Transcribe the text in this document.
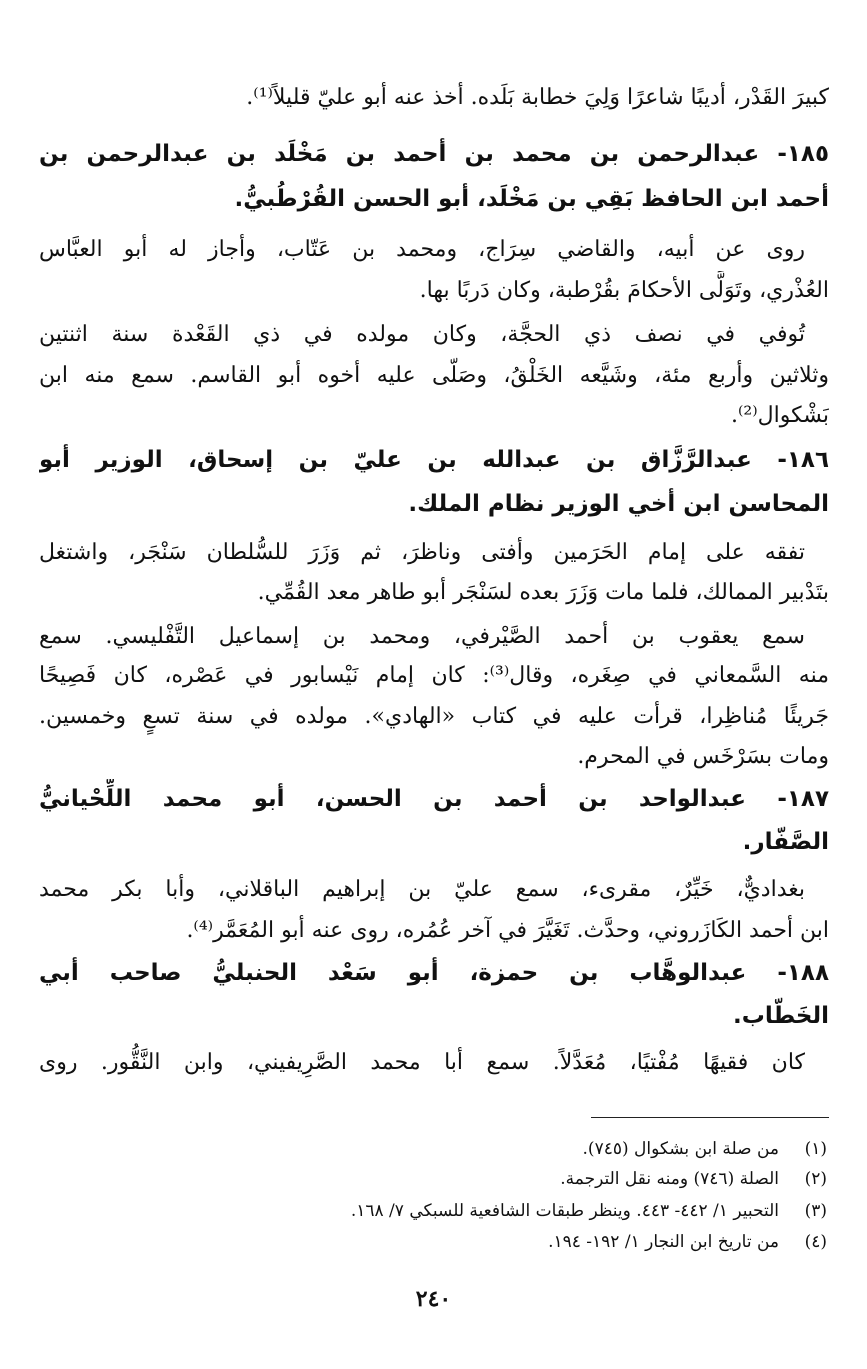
كبيرَ القَدْر، أديبًا شاعرًا وَلِيَ خطابة بَلَده. أخذ عنه أبو عليّ قليلاً⁽¹⁾.
١٨٥- عبدالرحمن بن محمد بن أحمد بن مَخْلَد بن عبدالرحمن بن
أحمد ابن الحافظ بَقِي بن مَخْلَد، أبو الحسن القُرْطُبيُّ.
روى عن أبيه، والقاضي سِرَاج، ومحمد بن عَتّاب، وأجاز له أبو العبَّاس
العُذْري، وتَوَلَّى الأحكامَ بقُرْطبة، وكان دَربًا بها.
تُوفي في نصف ذي الحجَّة، وكان مولده في ذي القَعْدة سنة اثنتين
وثلاثين وأربع مئة، وشَيَّعه الخَلْقُ، وصَلّى عليه أخوه أبو القاسم. سمع منه ابن
بَشْكوال⁽²⁾.
١٨٦- عبدالرَّزَّاق بن عبدالله بن عليّ بن إسحاق، الوزير أبو
المحاسن ابن أخي الوزير نظام الملك.
تفقه على إمام الحَرَمين وأفتى وناظرَ، ثم وَزَرَ للسُّلطان سَنْجَر، واشتغل
بتَدْبير الممالك، فلما مات وَزَرَ بعده لسَنْجَر أبو طاهر معد القُمِّي.
سمع يعقوب بن أحمد الصَّيْرفي، ومحمد بن إسماعيل التَّفْليسي. سمع
منه السَّمعاني في صِغَره، وقال⁽³⁾: كان إمام نَيْسابور في عَصْره، كان فَصِيحًا
جَريئًا مُناظِرا، قرأت عليه في كتاب «الهادي». مولده في سنة تسعٍ وخمسين.
ومات بسَرْخَس في المحرم.
١٨٧- عبدالواحد بن أحمد بن الحسن، أبو محمد اللِّحْيانيُّ
الصَّفّار.
بغداديٌّ، خَيِّرٌ، مقرىء، سمع عليّ بن إبراهيم الباقلاني، وأبا بكر محمد
ابن أحمد الكَازَروني، وحدَّث. تَغَيَّرَ في آخر عُمُره، روى عنه أبو المُعَمَّر⁽⁴⁾.
١٨٨- عبدالوهَّاب بن حمزة، أبو سَعْد الحنبليُّ صاحب أبي
الخَطّاب.
كان فقيهًا مُفْتيًا، مُعَدَّلاً. سمع أبا محمد الصَّرِيفيني، وابن النَّقُّور. روى
(١)من صلة ابن بشكوال (٧٤٥).
(٢)الصلة (٧٤٦) ومنه نقل الترجمة.
(٣)التحبير ١/ ٤٤٢- ٤٤٣. وينظر طبقات الشافعية للسبكي ٧/ ١٦٨.
(٤)من تاريخ ابن النجار ١/ ١٩٢- ١٩٤.
٢٤٠
